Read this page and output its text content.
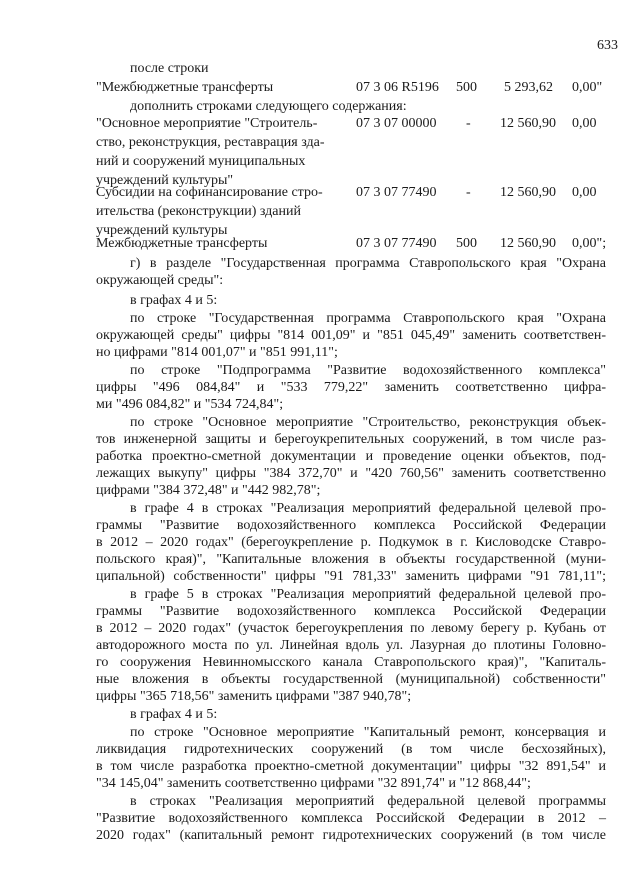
633
после строки
"Межбюджетные трансферты	07 3 06 R5196 500 5 293,62 0,00"
дополнить строками следующего содержания:
"Основное мероприятие "Строитель-
ство, реконструкция, реставрация зда-
ний и сооружений муниципальных
учреждений культуры"
07 3 07 00000 - 12 560,90 0,00
Субсидии на софинансирование стро-
ительства (реконструкции) зданий
учреждений культуры
07 3 07 77490 - 12 560,90 0,00
Межбюджетные трансферты	07 3 07 77490 500 12 560,90 0,00";
г) в разделе "Государственная программа Ставропольского края "Охрана
окружающей среды":
в графах 4 и 5:
по строке "Государственная программа Ставропольского края "Охрана
окружающей среды" цифры "814 001,09" и "851 045,49" заменить соответствен-
но цифрами "814 001,07" и "851 991,11";
по строке "Подпрограмма "Развитие водохозяйственного комплекса"
цифры "496 084,84" и "533 779,22" заменить соответственно цифра-
ми "496 084,82" и "534 724,84";
по строке "Основное мероприятие "Строительство, реконструкция объек-
тов инженерной защиты и берегоукрепительных сооружений, в том числе раз-
работка проектно-сметной документации и проведение оценки объектов, под-
лежащих выкупу" цифры "384 372,70" и "420 760,56" заменить соответственно
цифрами "384 372,48" и "442 982,78";
в графе 4 в строках "Реализация мероприятий федеральной целевой про-
граммы "Развитие водохозяйственного комплекса Российской Федерации
в 2012 – 2020 годах" (берегоукрепление р. Подкумок в г. Кисловодске Ставро-
польского края)", "Капитальные вложения в объекты государственной (муни-
ципальной) собственности" цифры "91 781,33" заменить цифрами "91 781,11";
в графе 5 в строках "Реализация мероприятий федеральной целевой про-
граммы "Развитие водохозяйственного комплекса Российской Федерации
в 2012 – 2020 годах" (участок берегоукрепления по левому берегу р. Кубань от
автодорожного моста по ул. Линейная вдоль ул. Лазурная до плотины Головно-
го сооружения Невинномысского канала Ставропольского края)", "Капиталь-
ные вложения в объекты государственной (муниципальной) собственности"
цифры "365 718,56" заменить цифрами "387 940,78";
в графах 4 и 5:
по строке "Основное мероприятие "Капитальный ремонт, консервация и
ликвидация гидротехнических сооружений (в том числе бесхозяйных),
в том числе разработка проектно-сметной документации" цифры "32 891,54" и
"34 145,04" заменить соответственно цифрами "32 891,74" и "12 868,44";
в строках "Реализация мероприятий федеральной целевой программы
"Развитие водохозяйственного комплекса Российской Федерации в 2012 –
2020 годах" (капитальный ремонт гидротехнических сооружений (в том числе
